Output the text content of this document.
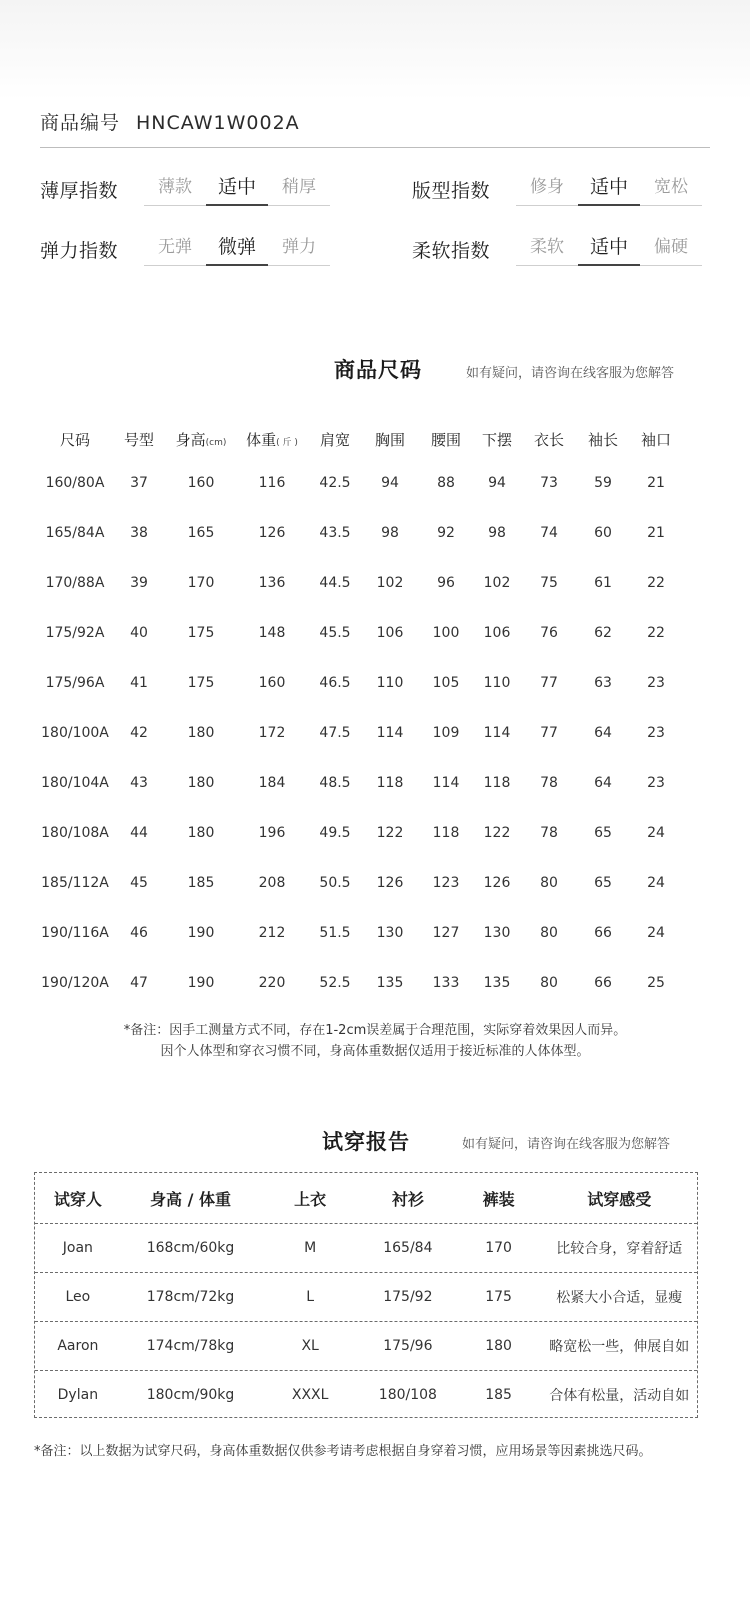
商品编号 HNCAW1W002A
薄厚指数	薄款	适中	稍厚	版型指数	修身	适中	宽松
弹力指数	无弹	微弹	弹力	柔软指数	柔软	适中	偏硬
商品尺码	如有疑问，请咨询在线客服为您解答
尺码	号型	身高(cm)	体重( 斤 )	肩宽	胸围	腰围	下摆	衣长	袖长	袖口
160/80A	37	160	116	42.5	94	88	94	73	59	21
165/84A	38	165	126	43.5	98	92	98	74	60	21
170/88A	39	170	136	44.5	102	96	102	75	61	22
175/92A	40	175	148	45.5	106	100	106	76	62	22
175/96A	41	175	160	46.5	110	105	110	77	63	23
180/100A	42	180	172	47.5	114	109	114	77	64	23
180/104A	43	180	184	48.5	118	114	118	78	64	23
180/108A	44	180	196	49.5	122	118	122	78	65	24
185/112A	45	185	208	50.5	126	123	126	80	65	24
190/116A	46	190	212	51.5	130	127	130	80	66	24
190/120A	47	190	220	52.5	135	133	135	80	66	25
*备注：因手工测量方式不同，存在1-2cm误差属于合理范围，实际穿着效果因人而异。
因个人体型和穿衣习惯不同，身高体重数据仅适用于接近标准的人体体型。
试穿报告	如有疑问，请咨询在线客服为您解答
试穿人	身高 / 体重	上衣	衬衫	裤装	试穿感受
Joan	168cm/60kg	M	165/84	170	比较合身，穿着舒适
Leo	178cm/72kg	L	175/92	175	松紧大小合适，显瘦
Aaron	174cm/78kg	XL	175/96	180	略宽松一些，伸展自如
Dylan	180cm/90kg	XXXL	180/108	185	合体有松量，活动自如
*备注：以上数据为试穿尺码，身高体重数据仅供参考请考虑根据自身穿着习惯，应用场景等因素挑选尺码。
